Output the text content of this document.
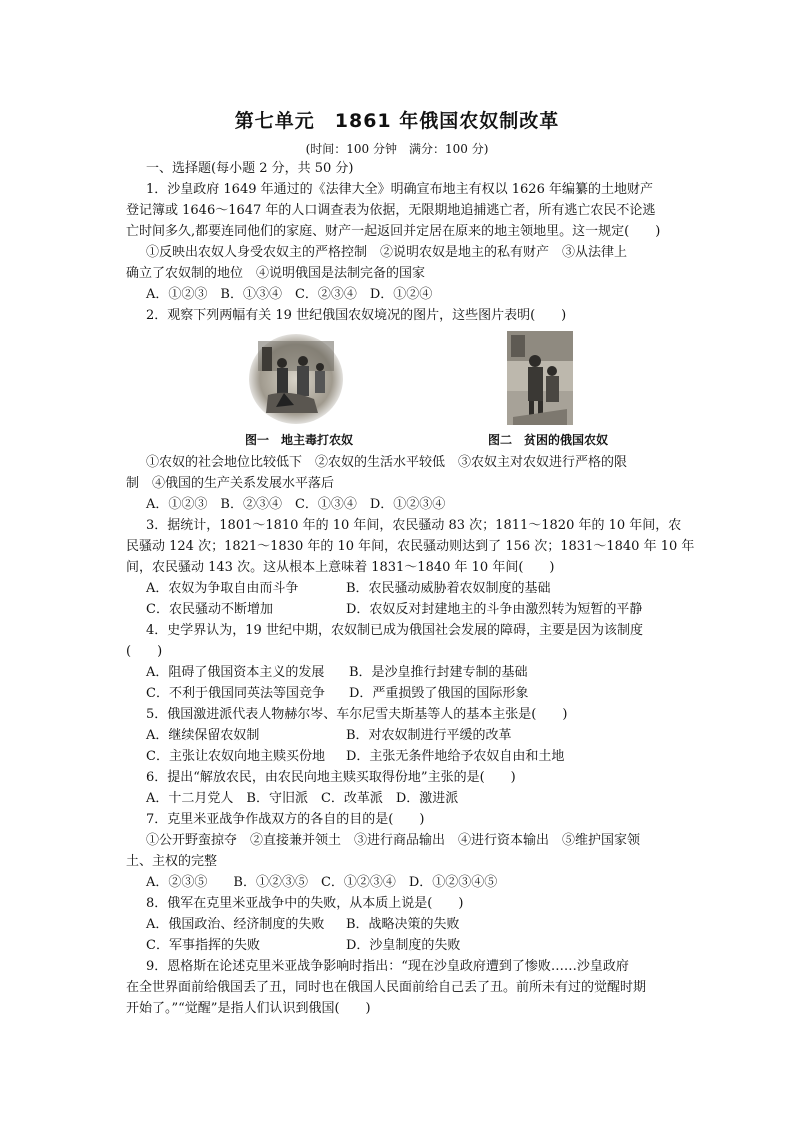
第七单元　1861 年俄国农奴制改革
(时间：100 分钟　满分：100 分)
一、选择题(每小题 2 分，共 50 分)
1．沙皇政府 1649 年通过的《法律大全》明确宣布地主有权以 1626 年编纂的土地财产
登记簿或 1646～1647 年的人口调查表为依据，无限期地追捕逃亡者，所有逃亡农民不论逃
亡时间多久,都要连同他们的家庭、财产一起返回并定居在原来的地主领地里。这一规定(　　)
①反映出农奴人身受农奴主的严格控制　②说明农奴是地主的私有财产　③从法律上
确立了农奴制的地位　④说明俄国是法制完备的国家
A．①②③　B．①③④　C．②③④　D．①②④
2．观察下列两幅有关 19 世纪俄国农奴境况的图片，这些图片表明(　　)
图一　地主毒打农奴	图二　贫困的俄国农奴
①农奴的社会地位比较低下　②农奴的生活水平较低　③农奴主对农奴进行严格的限
制　④俄国的生产关系发展水平落后
A．①②③　B．②③④　C．①③④　D．①②③④
3．据统计，1801～1810 年的 10 年间，农民骚动 83 次；1811～1820 年的 10 年间，农
民骚动 124 次；1821～1830 年的 10 年间，农民骚动则达到了 156 次；1831～1840 年 10 年
间，农民骚动 143 次。这从根本上意味着 1831～1840 年 10 年间(　　)
A．农奴为争取自由而斗争	B．农民骚动威胁着农奴制度的基础
C．农民骚动不断增加	D．农奴反对封建地主的斗争由激烈转为短暂的平静
4．史学界认为，19 世纪中期，农奴制已成为俄国社会发展的障碍，主要是因为该制度
(　　)
A．阻碍了俄国资本主义的发展 B．是沙皇推行封建专制的基础
C．不利于俄国同英法等国竞争 D．严重损毁了俄国的国际形象
5．俄国激进派代表人物赫尔岑、车尔尼雪夫斯基等人的基本主张是(　　)
A．继续保留农奴制	B．对农奴制进行平缓的改革
C．主张让农奴向地主赎买份地 D．主张无条件地给予农奴自由和土地
6．提出“解放农民，由农民向地主赎买取得份地”主张的是(　　)
A．十二月党人　B．守旧派　C．改革派　D．激进派
7．克里米亚战争作战双方的各自的目的是(　　)
①公开野蛮掠夺　②直接兼并领土　③进行商品输出　④进行资本输出　⑤维护国家领
土、主权的完整
A．②③⑤　　B．①②③⑤　C．①②③④　D．①②③④⑤
8．俄军在克里米亚战争中的失败，从本质上说是(　　)
A．俄国政治、经济制度的失败 B．战略决策的失败
C．军事指挥的失败	D．沙皇制度的失败
9．恩格斯在论述克里米亚战争影响时指出：“现在沙皇政府遭到了惨败……沙皇政府
在全世界面前给俄国丢了丑，同时也在俄国人民面前给自己丢了丑。前所未有过的觉醒时期
开始了。”“觉醒”是指人们认识到俄国(　　)
